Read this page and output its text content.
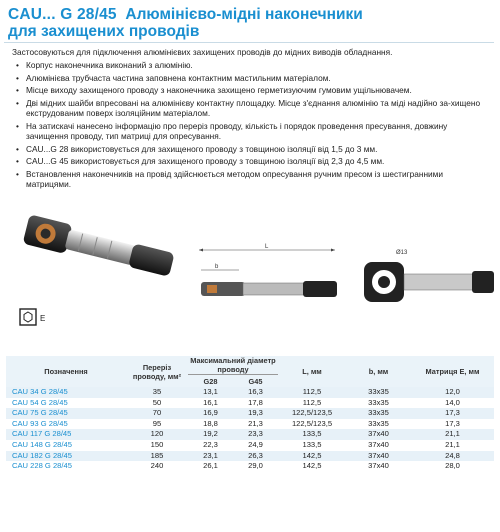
CAU... G 28/45 Алюмінієво-мідні наконечники
для захищених проводів
Застосовуються для підключення алюмінієвих захищених проводів до мідних виводів обладнання.
• Корпус наконечника виконаний з алюмінію.
• Алюмінієва трубчаста частина заповнена контактним мастильним матеріалом.
• Місце виходу захищеного проводу з наконечника захищено герметизуючим гумовим ущільнювачем.
• Дві мідних шайби впресовані на алюмінієву контактну площадку. Місце з'єднання алюмінію та міді надійно за-хищено екструдованим поверх ізоляційним матеріалом.
• На затискачі нанесено інформацію про переріз проводу, кількість і порядок проведення пресування, довжину зачищення проводу, тип матриці для опресування.
• CAU...G 28 використовується для захищеного проводу з товщиною ізоляції від 1,5 до 3 мм.
• CAU...G 45 використовується для захищеного проводу з товщиною ізоляції від 2,3 до 4,5 мм.
• Встановлення наконечників на провід здійснюється методом опресування ручним пресом із шестигранними матрицями.
L
b
Ø13
E
Позначення	Переріз проводу, мм²	Максимальний діаметр проводу		L, мм	b, мм	Матриця E, мм
		G28	G45			
CAU 34 G 28/45	35	13,1	16,3	112,5	33x35	12,0
CAU 54 G 28/45	50	16,1	17,8	112,5	33x35	14,0
CAU 75 G 28/45	70	16,9	19,3	122,5/123,5	33x35	17,3
CAU 93 G 28/45	95	18,8	21,3	122,5/123,5	33x35	17,3
CAU 117 G 28/45	120	19,2	23,3	133,5	37x40	21,1
CAU 148 G 28/45	150	22,3	24,9	133,5	37x40	21,1
CAU 182 G 28/45	185	23,1	26,3	142,5	37x40	24,8
CAU 228 G 28/45	240	26,1	29,0	142,5	37x40	28,0
